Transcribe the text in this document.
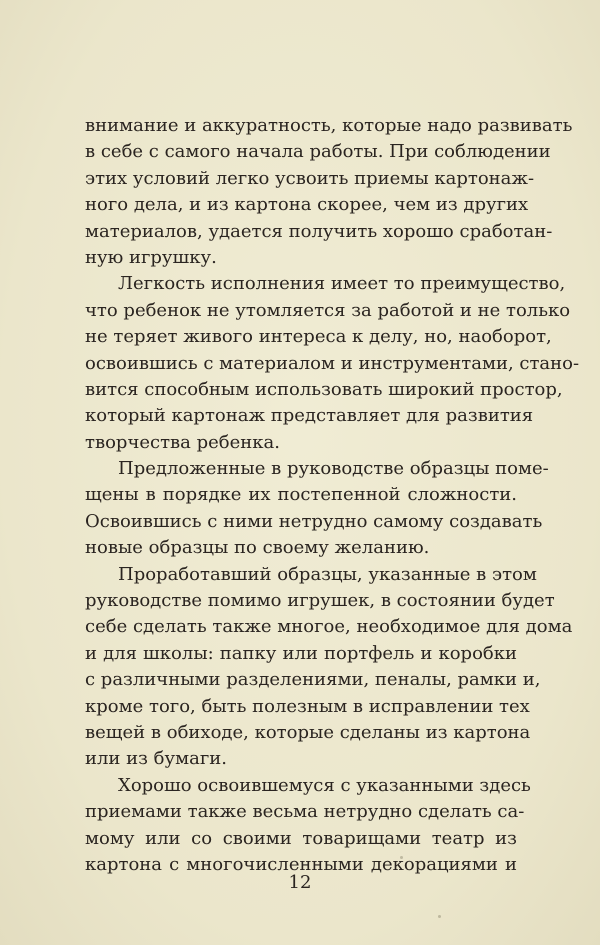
внимание и аккуратность, которые надо развивать
в себе с самого начала работы. При соблюдении
этих условий легко усвоить приемы картонаж-
ного дела, и из картона скорее, чем из других
материалов, удается получить хорошо сработан-
ную игрушку.
Легкость исполнения имеет то преимущество,
что ребенок не утомляется за работой и не только
не теряет живого интереса к делу, но, наоборот,
освоившись с материалом и инструментами, стано-
вится способным использовать широкий простор,
который картонаж представляет для развития
творчества ребенка.
Предложенные в руководстве образцы поме-
щены в порядке их постепенной сложности.
Освоившись с ними нетрудно самому создавать
новые образцы по своему желанию.
Проработавший образцы, указанные в этом
руководстве помимо игрушек, в состоянии будет
себе сделать также многое, необходимое для дома
и для школы: папку или портфель и коробки
с различными разделениями, пеналы, рамки и,
кроме того, быть полезным в исправлении тех
вещей в обиходе, которые сделаны из картона
или из бумаги.
Хорошо освоившемуся с указанными здесь
приемами также весьма нетрудно сделать са-
мому или со своими товарищами театр из
картона с многочисленными декорациями и
12
